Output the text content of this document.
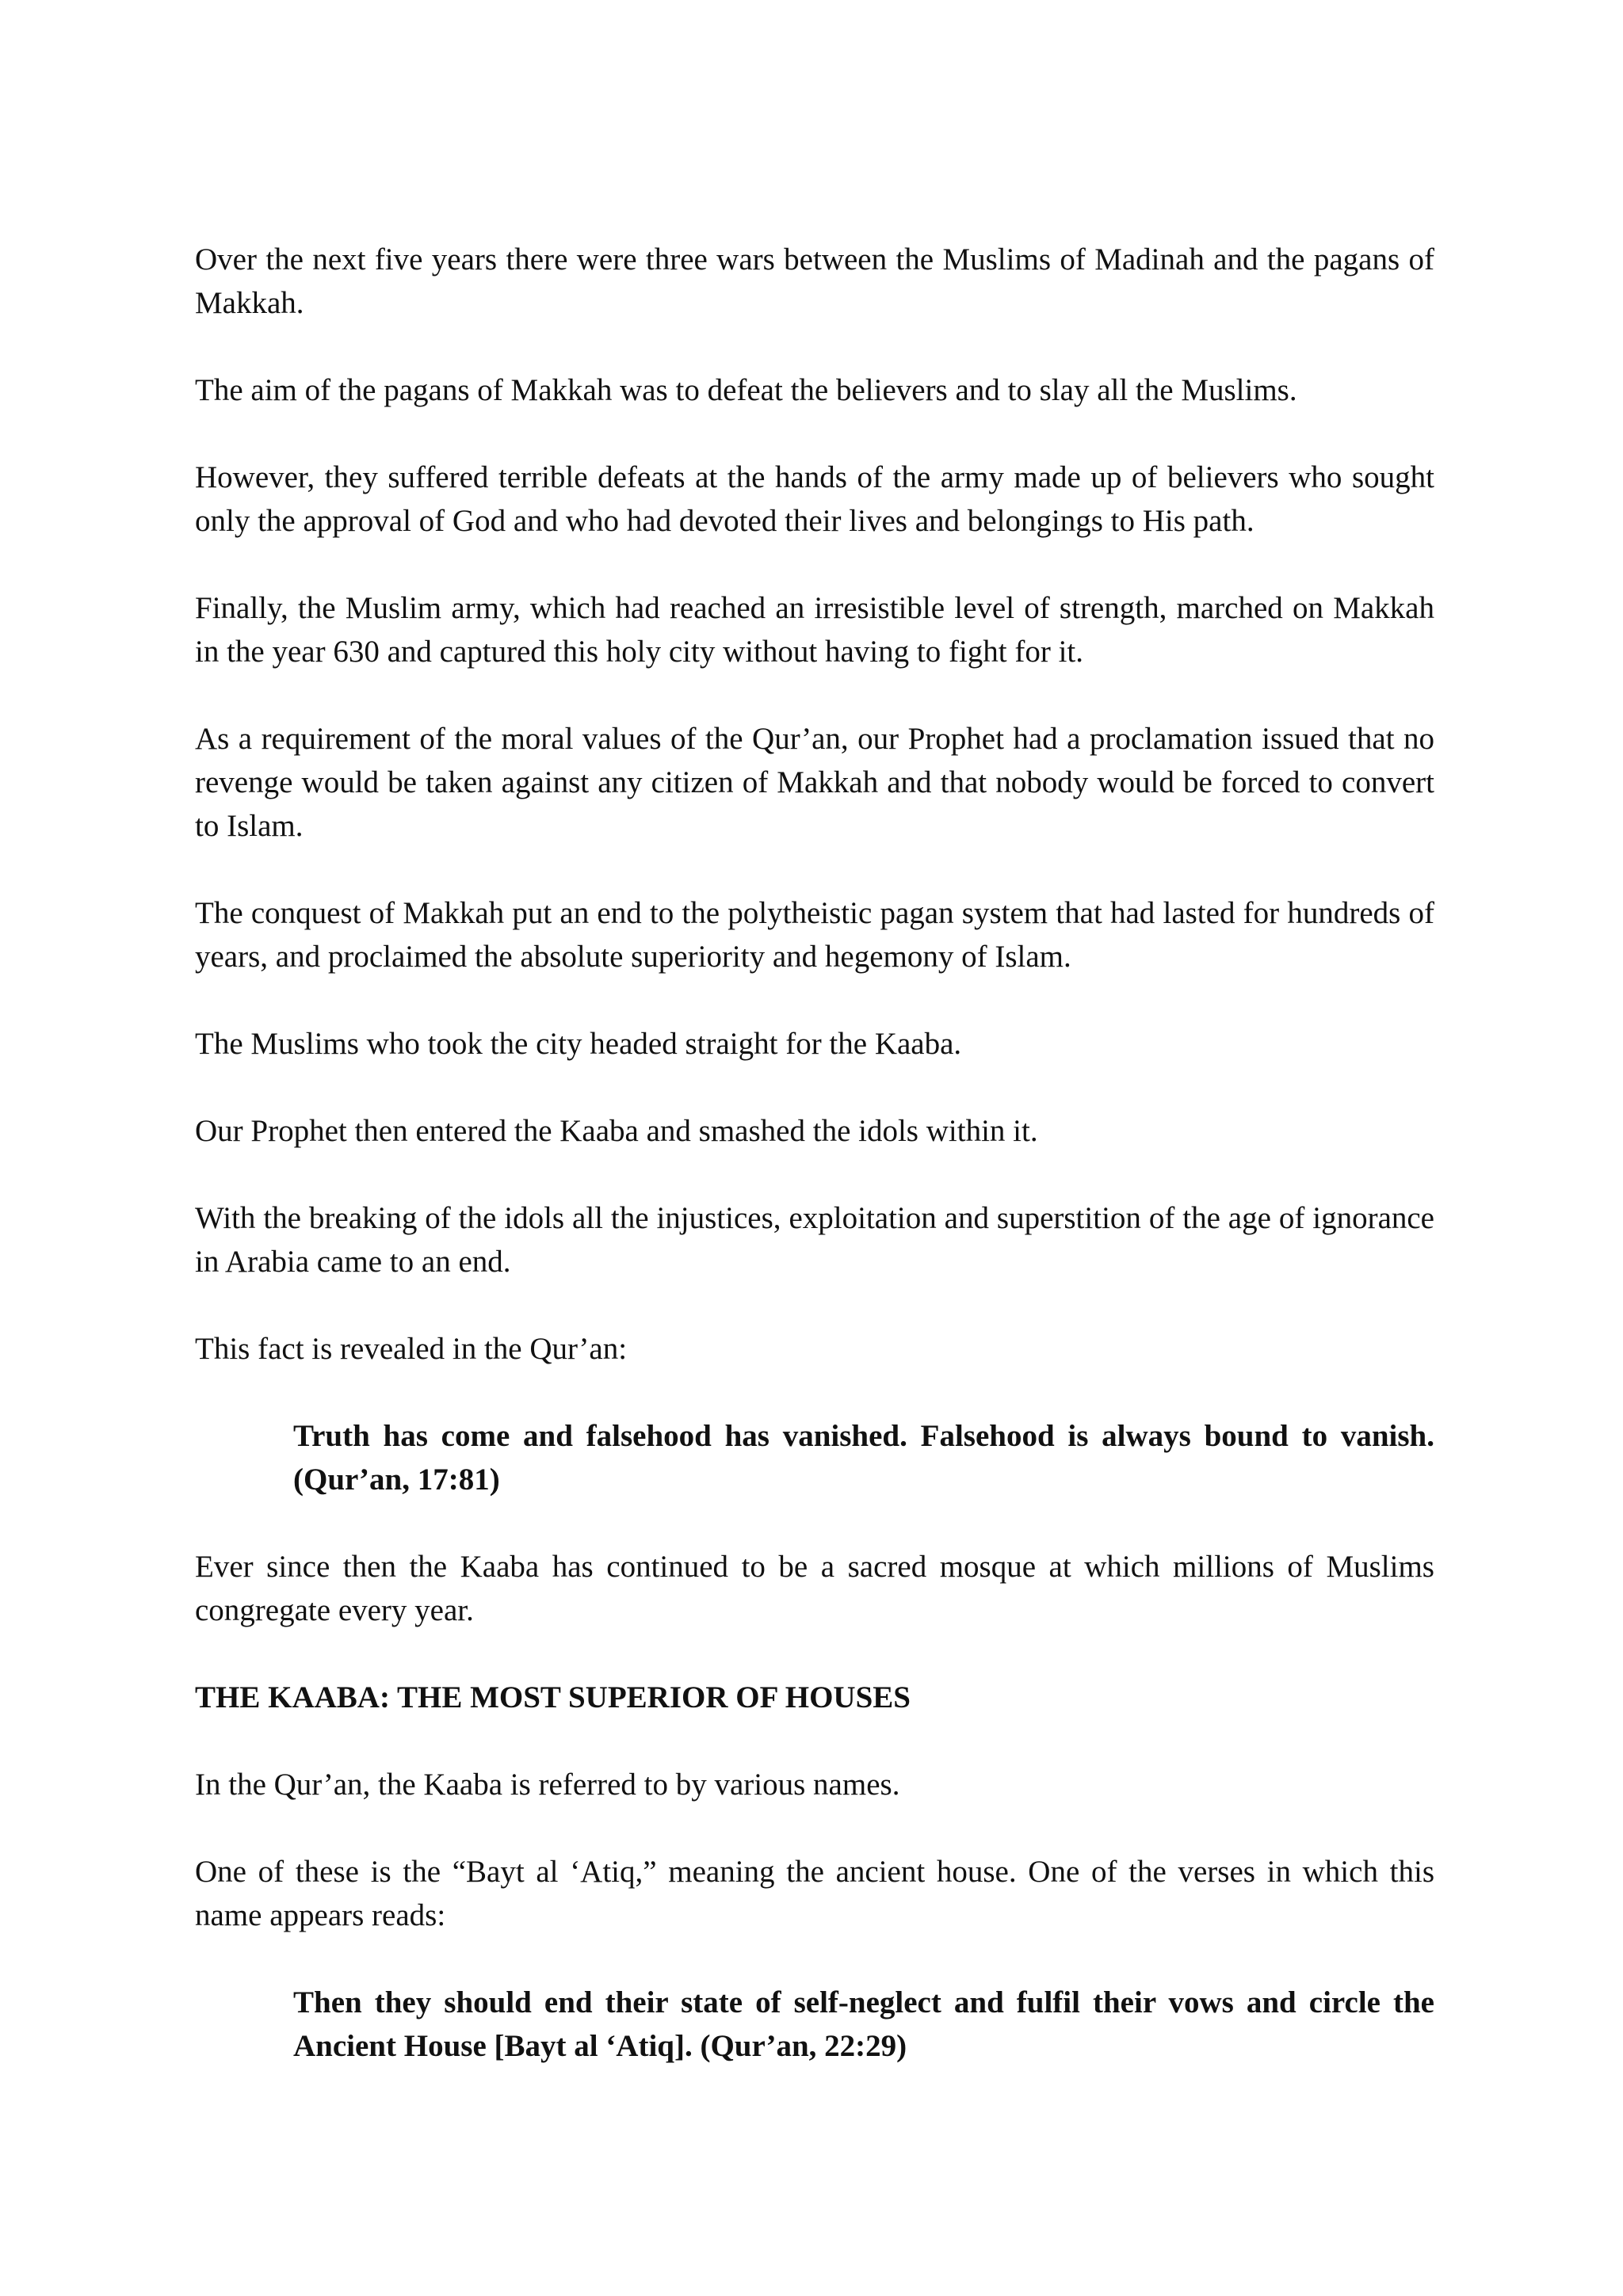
Over the next five years there were three wars between the Muslims of Madinah and the pagans of Makkah.

The aim of the pagans of Makkah was to defeat the believers and to slay all the Muslims.

However, they suffered terrible defeats at the hands of the army made up of believers who sought only the approval of God and who had devoted their lives and belongings to His path.

Finally, the Muslim army, which had reached an irresistible level of strength, marched on Makkah in the year 630 and captured this holy city without having to fight for it.

As a requirement of the moral values of the Qur’an, our Prophet had a proclamation issued that no revenge would be taken against any citizen of Makkah and that nobody would be forced to convert to Islam.

The conquest of Makkah put an end to the polytheistic pagan system that had lasted for hundreds of years, and proclaimed the absolute superiority and hegemony of Islam.

The Muslims who took the city headed straight for the Kaaba.

Our Prophet then entered the Kaaba and smashed the idols within it.

With the breaking of the idols all the injustices, exploitation and superstition of the age of ignorance in Arabia came to an end.

This fact is revealed in the Qur’an:

Truth has come and falsehood has vanished. Falsehood is always bound to vanish. (Qur’an, 17:81)

Ever since then the Kaaba has continued to be a sacred mosque at which millions of Muslims congregate every year.

THE KAABA: THE MOST SUPERIOR OF HOUSES

In the Qur’an, the Kaaba is referred to by various names.

One of these is the “Bayt al ‘Atiq,” meaning the ancient house. One of the verses in which this name appears reads:

Then they should end their state of self-neglect and fulfil their vows and circle the Ancient House [Bayt al ‘Atiq]. (Qur’an, 22:29)
